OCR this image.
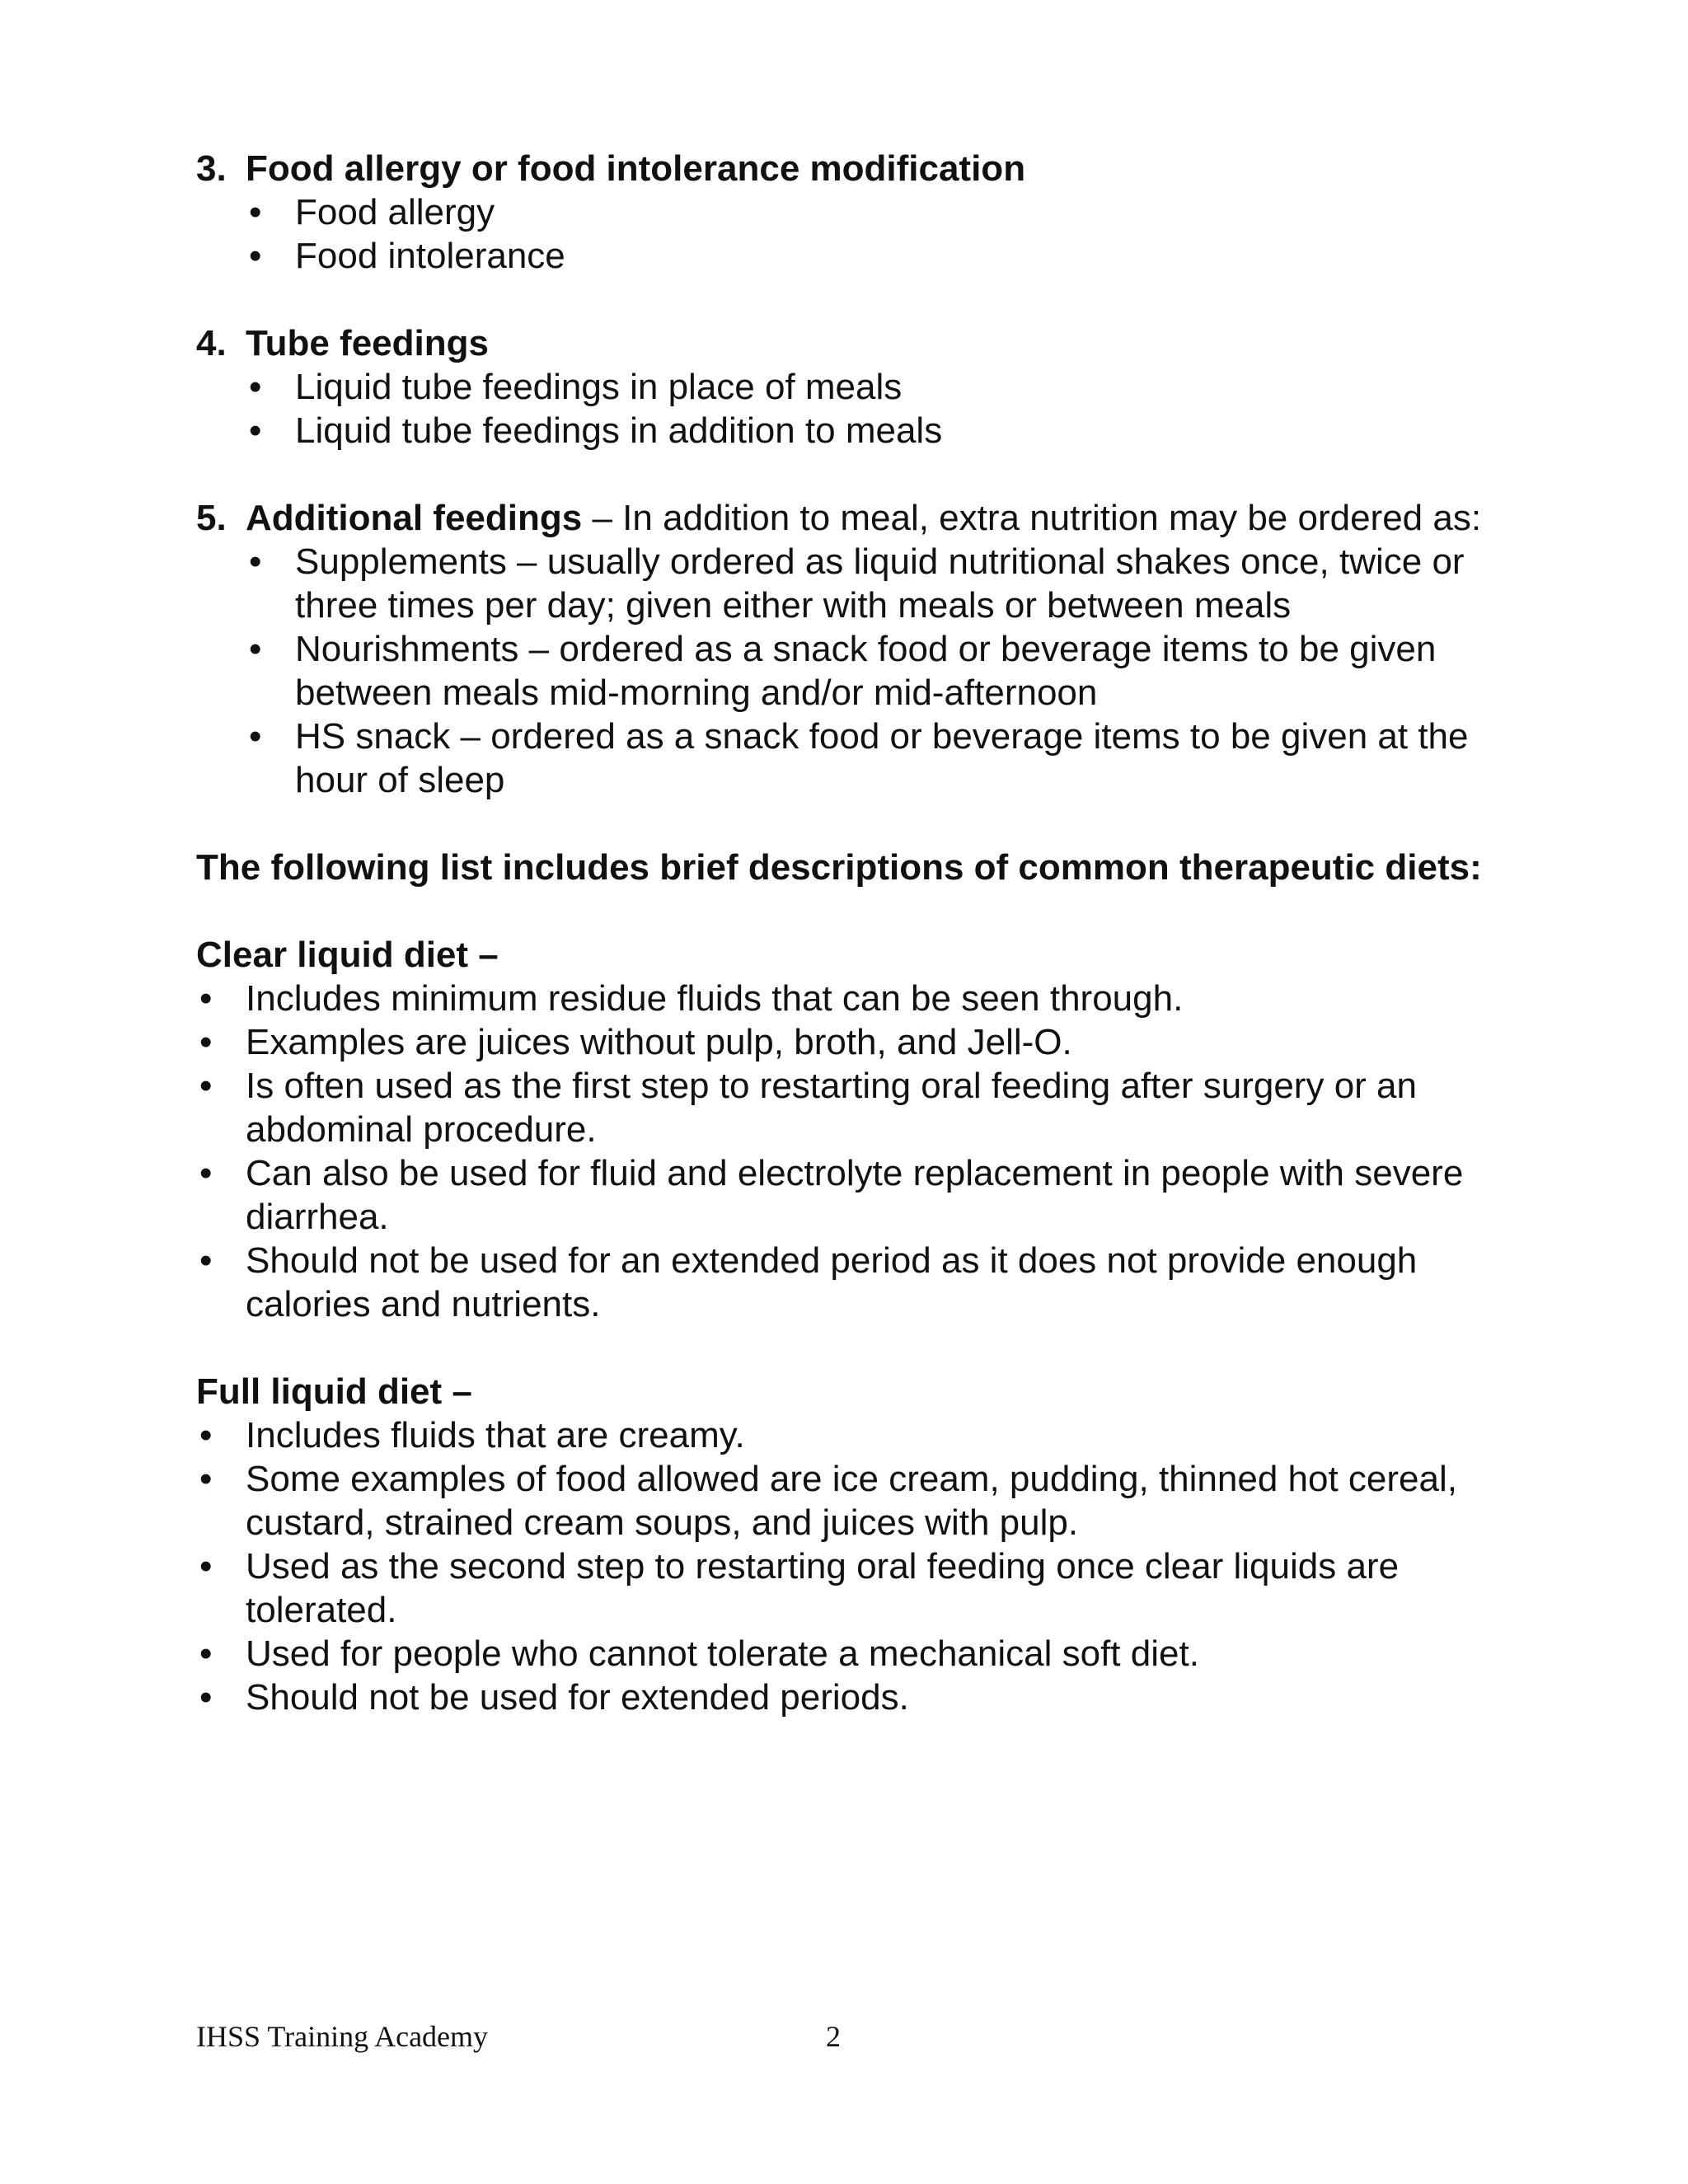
3. Food allergy or food intolerance modification
• Food allergy
• Food intolerance
4. Tube feedings
• Liquid tube feedings in place of meals
• Liquid tube feedings in addition to meals
5. Additional feedings – In addition to meal, extra nutrition may be ordered as:
• Supplements – usually ordered as liquid nutritional shakes once, twice or three times per day; given either with meals or between meals
• Nourishments – ordered as a snack food or beverage items to be given between meals mid-morning and/or mid-afternoon
• HS snack – ordered as a snack food or beverage items to be given at the hour of sleep
The following list includes brief descriptions of common therapeutic diets:
Clear liquid diet –
• Includes minimum residue fluids that can be seen through.
• Examples are juices without pulp, broth, and Jell-O.
• Is often used as the first step to restarting oral feeding after surgery or an abdominal procedure.
• Can also be used for fluid and electrolyte replacement in people with severe diarrhea.
• Should not be used for an extended period as it does not provide enough calories and nutrients.
Full liquid diet –
• Includes fluids that are creamy.
• Some examples of food allowed are ice cream, pudding, thinned hot cereal, custard, strained cream soups, and juices with pulp.
• Used as the second step to restarting oral feeding once clear liquids are tolerated.
• Used for people who cannot tolerate a mechanical soft diet.
• Should not be used for extended periods.
IHSS Training Academy	2
